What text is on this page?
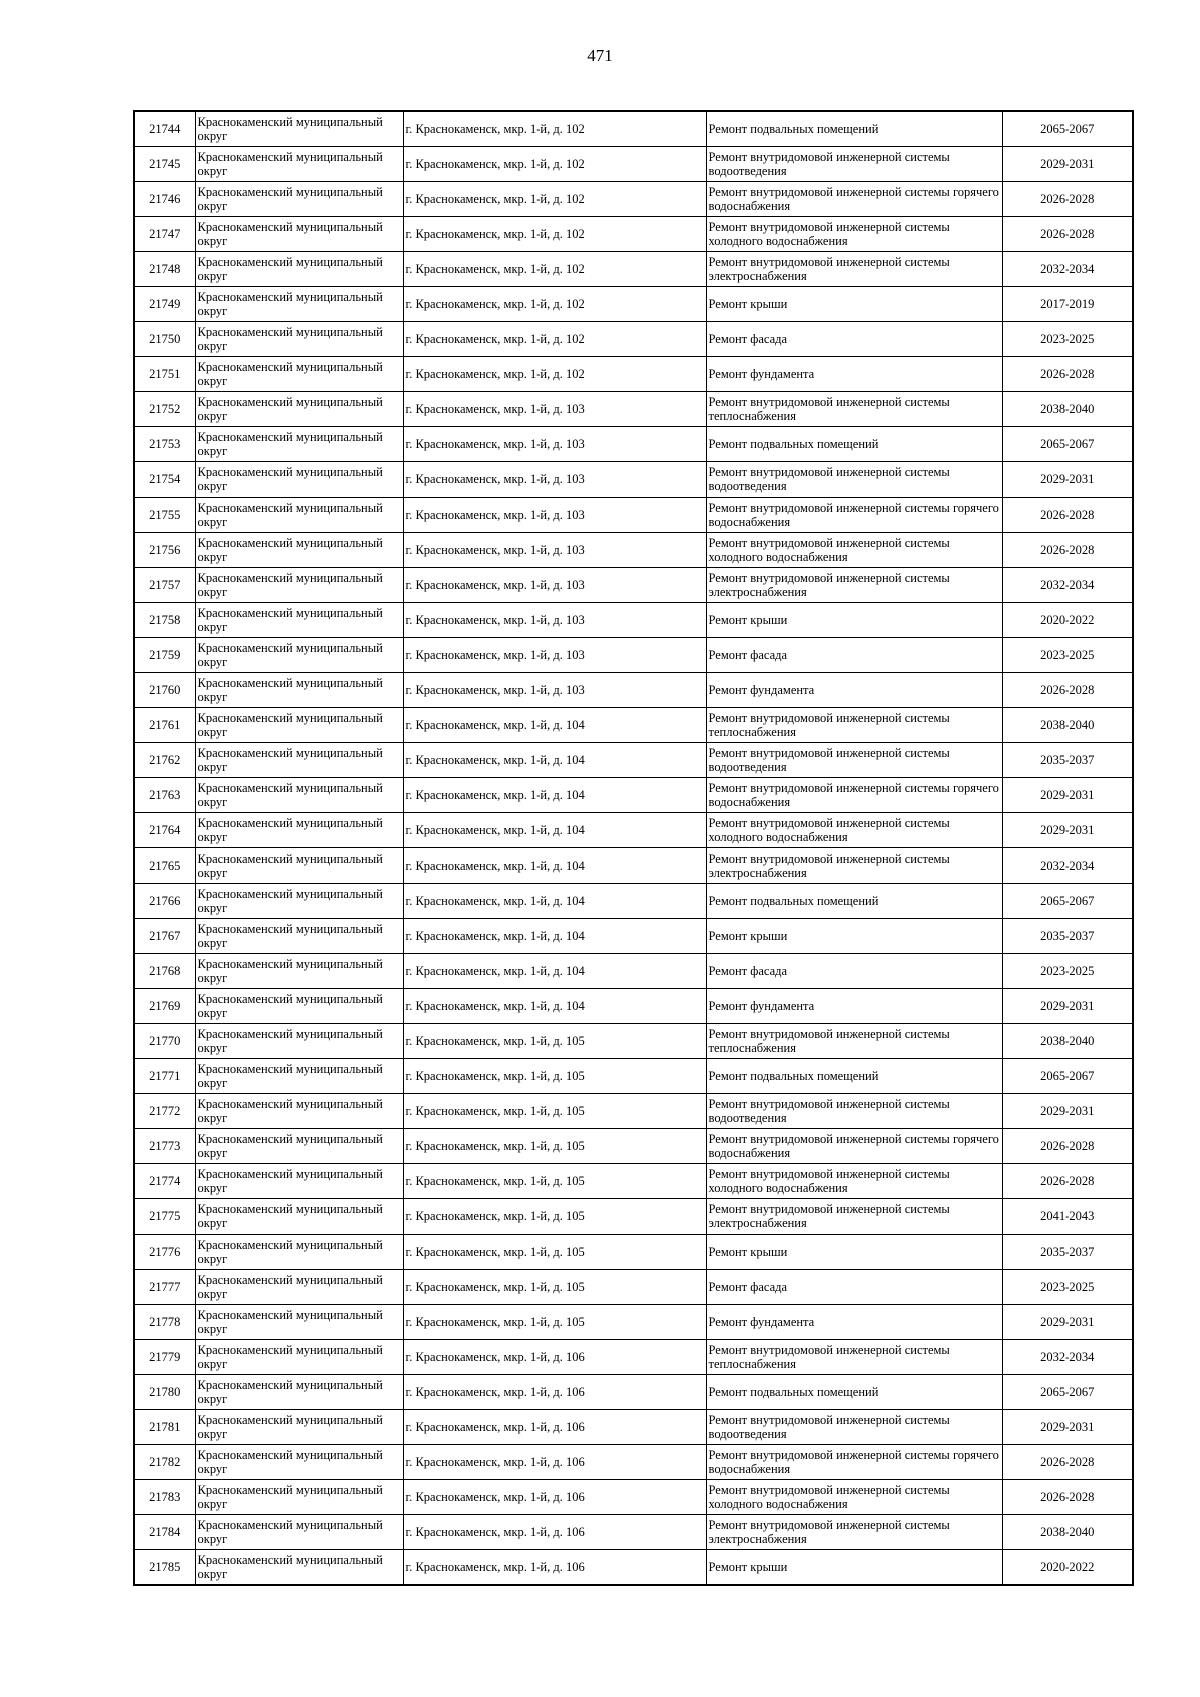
471
21744	Краснокаменский муниципальный округ	г. Краснокаменск, мкр. 1-й, д. 102	Ремонт подвальных помещений	2065-2067
21745	Краснокаменский муниципальный округ	г. Краснокаменск, мкр. 1-й, д. 102	Ремонт внутридомовой инженерной системы водоотведения	2029-2031
21746	Краснокаменский муниципальный округ	г. Краснокаменск, мкр. 1-й, д. 102	Ремонт внутридомовой инженерной системы горячего водоснабжения	2026-2028
21747	Краснокаменский муниципальный округ	г. Краснокаменск, мкр. 1-й, д. 102	Ремонт внутридомовой инженерной системы холодного водоснабжения	2026-2028
21748	Краснокаменский муниципальный округ	г. Краснокаменск, мкр. 1-й, д. 102	Ремонт внутридомовой инженерной системы электроснабжения	2032-2034
21749	Краснокаменский муниципальный округ	г. Краснокаменск, мкр. 1-й, д. 102	Ремонт крыши	2017-2019
21750	Краснокаменский муниципальный округ	г. Краснокаменск, мкр. 1-й, д. 102	Ремонт фасада	2023-2025
21751	Краснокаменский муниципальный округ	г. Краснокаменск, мкр. 1-й, д. 102	Ремонт фундамента	2026-2028
21752	Краснокаменский муниципальный округ	г. Краснокаменск, мкр. 1-й, д. 103	Ремонт внутридомовой инженерной системы теплоснабжения	2038-2040
21753	Краснокаменский муниципальный округ	г. Краснокаменск, мкр. 1-й, д. 103	Ремонт подвальных помещений	2065-2067
21754	Краснокаменский муниципальный округ	г. Краснокаменск, мкр. 1-й, д. 103	Ремонт внутридомовой инженерной системы водоотведения	2029-2031
21755	Краснокаменский муниципальный округ	г. Краснокаменск, мкр. 1-й, д. 103	Ремонт внутридомовой инженерной системы горячего водоснабжения	2026-2028
21756	Краснокаменский муниципальный округ	г. Краснокаменск, мкр. 1-й, д. 103	Ремонт внутридомовой инженерной системы холодного водоснабжения	2026-2028
21757	Краснокаменский муниципальный округ	г. Краснокаменск, мкр. 1-й, д. 103	Ремонт внутридомовой инженерной системы электроснабжения	2032-2034
21758	Краснокаменский муниципальный округ	г. Краснокаменск, мкр. 1-й, д. 103	Ремонт крыши	2020-2022
21759	Краснокаменский муниципальный округ	г. Краснокаменск, мкр. 1-й, д. 103	Ремонт фасада	2023-2025
21760	Краснокаменский муниципальный округ	г. Краснокаменск, мкр. 1-й, д. 103	Ремонт фундамента	2026-2028
21761	Краснокаменский муниципальный округ	г. Краснокаменск, мкр. 1-й, д. 104	Ремонт внутридомовой инженерной системы теплоснабжения	2038-2040
21762	Краснокаменский муниципальный округ	г. Краснокаменск, мкр. 1-й, д. 104	Ремонт внутридомовой инженерной системы водоотведения	2035-2037
21763	Краснокаменский муниципальный округ	г. Краснокаменск, мкр. 1-й, д. 104	Ремонт внутридомовой инженерной системы горячего водоснабжения	2029-2031
21764	Краснокаменский муниципальный округ	г. Краснокаменск, мкр. 1-й, д. 104	Ремонт внутридомовой инженерной системы холодного водоснабжения	2029-2031
21765	Краснокаменский муниципальный округ	г. Краснокаменск, мкр. 1-й, д. 104	Ремонт внутридомовой инженерной системы электроснабжения	2032-2034
21766	Краснокаменский муниципальный округ	г. Краснокаменск, мкр. 1-й, д. 104	Ремонт подвальных помещений	2065-2067
21767	Краснокаменский муниципальный округ	г. Краснокаменск, мкр. 1-й, д. 104	Ремонт крыши	2035-2037
21768	Краснокаменский муниципальный округ	г. Краснокаменск, мкр. 1-й, д. 104	Ремонт фасада	2023-2025
21769	Краснокаменский муниципальный округ	г. Краснокаменск, мкр. 1-й, д. 104	Ремонт фундамента	2029-2031
21770	Краснокаменский муниципальный округ	г. Краснокаменск, мкр. 1-й, д. 105	Ремонт внутридомовой инженерной системы теплоснабжения	2038-2040
21771	Краснокаменский муниципальный округ	г. Краснокаменск, мкр. 1-й, д. 105	Ремонт подвальных помещений	2065-2067
21772	Краснокаменский муниципальный округ	г. Краснокаменск, мкр. 1-й, д. 105	Ремонт внутридомовой инженерной системы водоотведения	2029-2031
21773	Краснокаменский муниципальный округ	г. Краснокаменск, мкр. 1-й, д. 105	Ремонт внутридомовой инженерной системы горячего водоснабжения	2026-2028
21774	Краснокаменский муниципальный округ	г. Краснокаменск, мкр. 1-й, д. 105	Ремонт внутридомовой инженерной системы холодного водоснабжения	2026-2028
21775	Краснокаменский муниципальный округ	г. Краснокаменск, мкр. 1-й, д. 105	Ремонт внутридомовой инженерной системы электроснабжения	2041-2043
21776	Краснокаменский муниципальный округ	г. Краснокаменск, мкр. 1-й, д. 105	Ремонт крыши	2035-2037
21777	Краснокаменский муниципальный округ	г. Краснокаменск, мкр. 1-й, д. 105	Ремонт фасада	2023-2025
21778	Краснокаменский муниципальный округ	г. Краснокаменск, мкр. 1-й, д. 105	Ремонт фундамента	2029-2031
21779	Краснокаменский муниципальный округ	г. Краснокаменск, мкр. 1-й, д. 106	Ремонт внутридомовой инженерной системы теплоснабжения	2032-2034
21780	Краснокаменский муниципальный округ	г. Краснокаменск, мкр. 1-й, д. 106	Ремонт подвальных помещений	2065-2067
21781	Краснокаменский муниципальный округ	г. Краснокаменск, мкр. 1-й, д. 106	Ремонт внутридомовой инженерной системы водоотведения	2029-2031
21782	Краснокаменский муниципальный округ	г. Краснокаменск, мкр. 1-й, д. 106	Ремонт внутридомовой инженерной системы горячего водоснабжения	2026-2028
21783	Краснокаменский муниципальный округ	г. Краснокаменск, мкр. 1-й, д. 106	Ремонт внутридомовой инженерной системы холодного водоснабжения	2026-2028
21784	Краснокаменский муниципальный округ	г. Краснокаменск, мкр. 1-й, д. 106	Ремонт внутридомовой инженерной системы электроснабжения	2038-2040
21785	Краснокаменский муниципальный округ	г. Краснокаменск, мкр. 1-й, д. 106	Ремонт крыши	2020-2022
